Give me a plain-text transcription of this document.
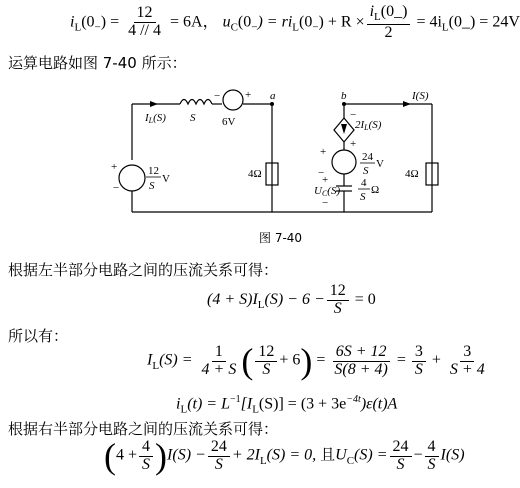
$i_L(0_-) = \frac{12}{4 // 4} = 6A$， $u_C(0_-) = ri_L(0_-) + R \times \frac{i_L(0\_)}{2}$ = $4i_L(0\_) = 24V$
运算电路如图 7-40 所示：
IL(S) S 6V
− + a	b	I(S)
2IL(S)
−
+
+
−
24
S
V
UC(S)
+
−
4
S
Ω
+
−
12
S
V	4Ω	4Ω
图 7-40
根据左半部分电路之间的压流关系可得：
$(4 + S)I_L(S) - 6 - \frac{12}{S} = 0$
所以有：
$I_L(S) = \frac{1}{4 + S}$ ( $\frac{12}{S} + 6) = \frac{6S + 12}{S(8 + 4)} = \frac{3}{S} + \frac{3}{S + 4}$
$i_L(t) = L^{-1}[I_L(S)] = (3 + 3e^{-4t})\varepsilon(t)A$
根据右半部分电路之间的压流关系可得：
$(4 + \frac{4}{S} )I(S) - \frac{24}{S} + 2I_L(S) = 0$, 且$U_C(S) = \frac{24}{S} - \frac{4}{S} I(S)$
